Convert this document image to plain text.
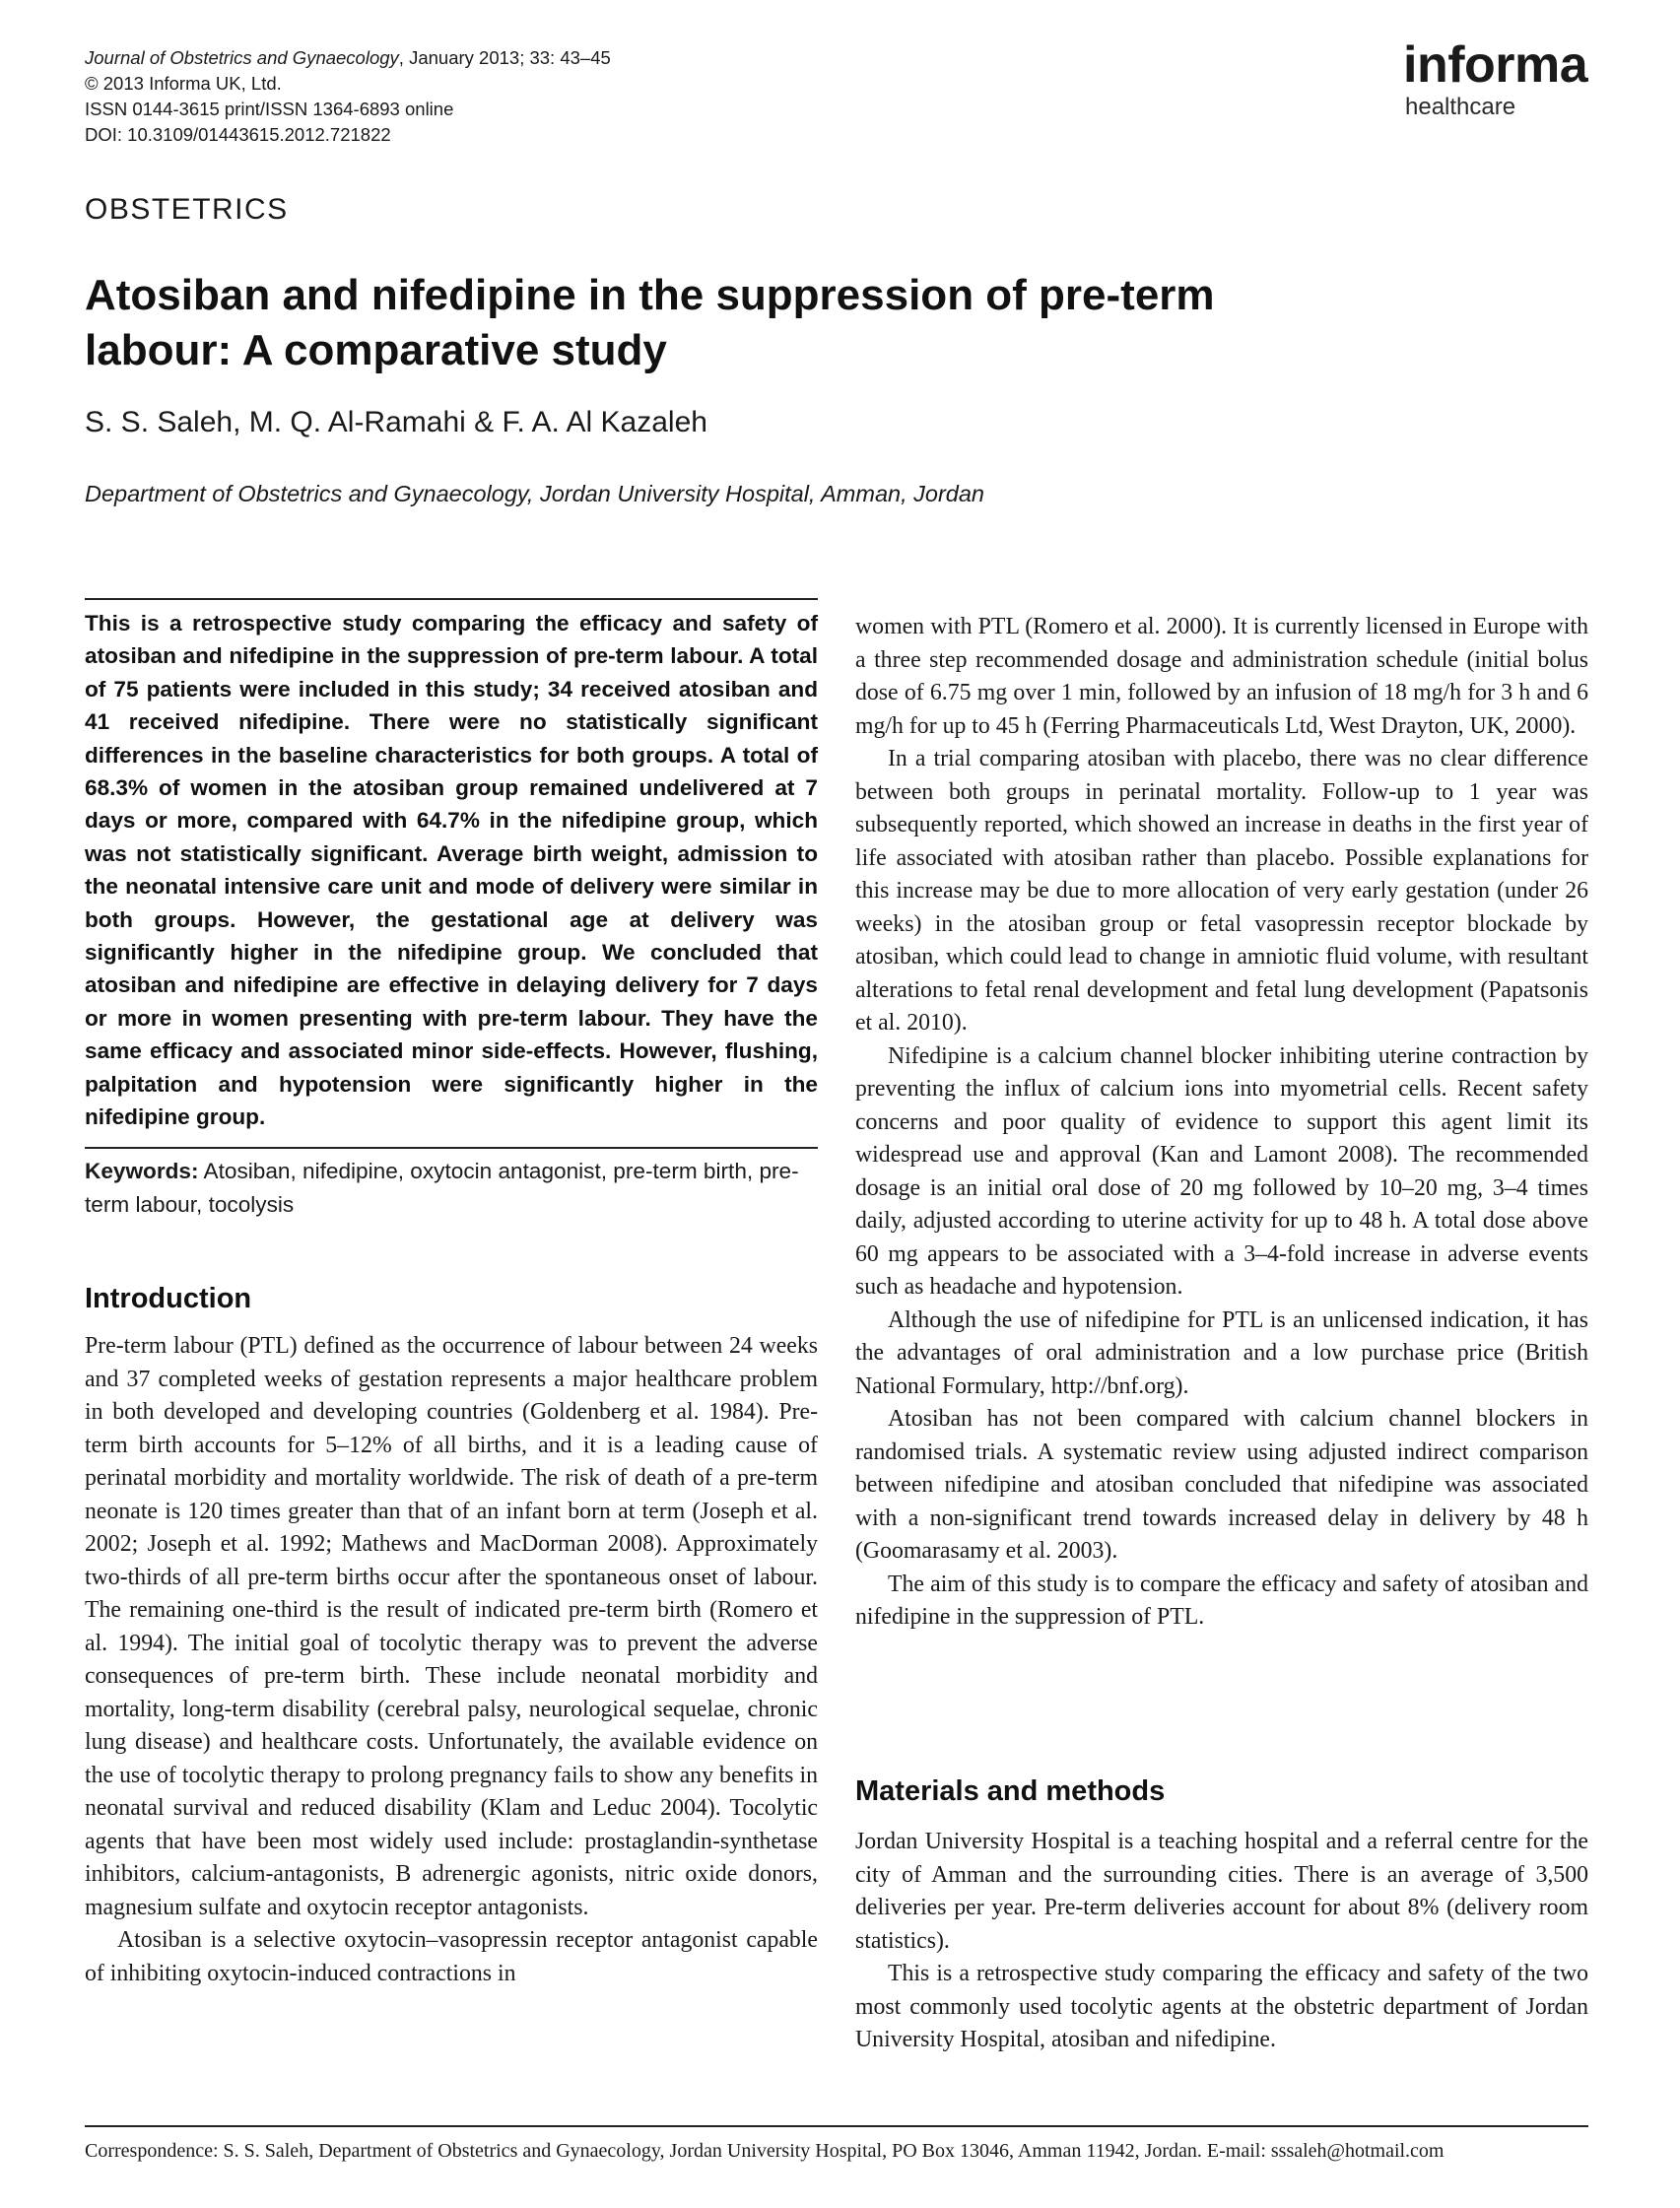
Journal of Obstetrics and Gynaecology, January 2013; 33: 43–45
© 2013 Informa UK, Ltd.
ISSN 0144-3615 print/ISSN 1364-6893 online
DOI: 10.3109/01443615.2012.721822
informa
healthcare
OBSTETRICS
Atosiban and nifedipine in the suppression of pre-term labour: A comparative study
S. S. Saleh, M. Q. Al-Ramahi & F. A. Al Kazaleh
Department of Obstetrics and Gynaecology, Jordan University Hospital, Amman, Jordan

This is a retrospective study comparing the efficacy and safety of atosiban and nifedipine in the suppression of pre-term labour. A total of 75 patients were included in this study; 34 received atosiban and 41 received nifedipine. There were no statistically significant differences in the baseline characteristics for both groups. A total of 68.3% of women in the atosiban group remained undelivered at 7 days or more, compared with 64.7% in the nifedipine group, which was not statistically significant. Average birth weight, admission to the neonatal intensive care unit and mode of delivery were similar in both groups. However, the gestational age at delivery was significantly higher in the nifedipine group. We concluded that atosiban and nifedipine are effective in delaying delivery for 7 days or more in women presenting with pre-term labour. They have the same efficacy and associated minor side-effects. However, flushing, palpitation and hypotension were significantly higher in the nifedipine group.

Keywords: Atosiban, nifedipine, oxytocin antagonist, pre-term birth, pre-term labour, tocolysis

Introduction

Pre-term labour (PTL) defined as the occurrence of labour between 24 weeks and 37 completed weeks of gestation represents a major healthcare problem in both developed and developing countries (Goldenberg et al. 1984). Pre-term birth accounts for 5–12% of all births, and it is a leading cause of perinatal morbidity and mortality worldwide. The risk of death of a pre-term neonate is 120 times greater than that of an infant born at term (Joseph et al. 2002; Joseph et al. 1992; Mathews and MacDorman 2008). Approximately two-thirds of all pre-term births occur after the spontaneous onset of labour. The remaining one-third is the result of indicated pre-term birth (Romero et al. 1994). The initial goal of tocolytic therapy was to prevent the adverse consequences of pre-term birth. These include neonatal morbidity and mortality, long-term disability (cerebral palsy, neurological sequelae, chronic lung disease) and healthcare costs. Unfortunately, the available evidence on the use of tocolytic therapy to prolong pregnancy fails to show any benefits in neonatal survival and reduced disability (Klam and Leduc 2004). Tocolytic agents that have been most widely used include: prostaglandin-synthetase inhibitors, calcium-antagonists, B adrenergic agonists, nitric oxide donors, magnesium sulfate and oxytocin receptor antagonists.

Atosiban is a selective oxytocin–vasopressin receptor antagonist capable of inhibiting oxytocin-induced contractions in

women with PTL (Romero et al. 2000). It is currently licensed in Europe with a three step recommended dosage and administration schedule (initial bolus dose of 6.75 mg over 1 min, followed by an infusion of 18 mg/h for 3 h and 6 mg/h for up to 45 h (Ferring Pharmaceuticals Ltd, West Drayton, UK, 2000).

In a trial comparing atosiban with placebo, there was no clear difference between both groups in perinatal mortality. Follow-up to 1 year was subsequently reported, which showed an increase in deaths in the first year of life associated with atosiban rather than placebo. Possible explanations for this increase may be due to more allocation of very early gestation (under 26 weeks) in the atosiban group or fetal vasopressin receptor blockade by atosiban, which could lead to change in amniotic fluid volume, with resultant alterations to fetal renal development and fetal lung development (Papatsonis et al. 2010).

Nifedipine is a calcium channel blocker inhibiting uterine contraction by preventing the influx of calcium ions into myometrial cells. Recent safety concerns and poor quality of evidence to support this agent limit its widespread use and approval (Kan and Lamont 2008). The recommended dosage is an initial oral dose of 20 mg followed by 10–20 mg, 3–4 times daily, adjusted according to uterine activity for up to 48 h. A total dose above 60 mg appears to be associated with a 3–4-fold increase in adverse events such as headache and hypotension.

Although the use of nifedipine for PTL is an unlicensed indication, it has the advantages of oral administration and a low purchase price (British National Formulary, http://bnf.org).

Atosiban has not been compared with calcium channel blockers in randomised trials. A systematic review using adjusted indirect comparison between nifedipine and atosiban concluded that nifedipine was associated with a non-significant trend towards increased delay in delivery by 48 h (Goomarasamy et al. 2003).

The aim of this study is to compare the efficacy and safety of atosiban and nifedipine in the suppression of PTL.

Materials and methods

Jordan University Hospital is a teaching hospital and a referral centre for the city of Amman and the surrounding cities. There is an average of 3,500 deliveries per year. Pre-term deliveries account for about 8% (delivery room statistics).

This is a retrospective study comparing the efficacy and safety of the two most commonly used tocolytic agents at the obstetric department of Jordan University Hospital, atosiban and nifedipine.

Correspondence: S. S. Saleh, Department of Obstetrics and Gynaecology, Jordan University Hospital, PO Box 13046, Amman 11942, Jordan. E-mail: sssaleh@hotmail.com
